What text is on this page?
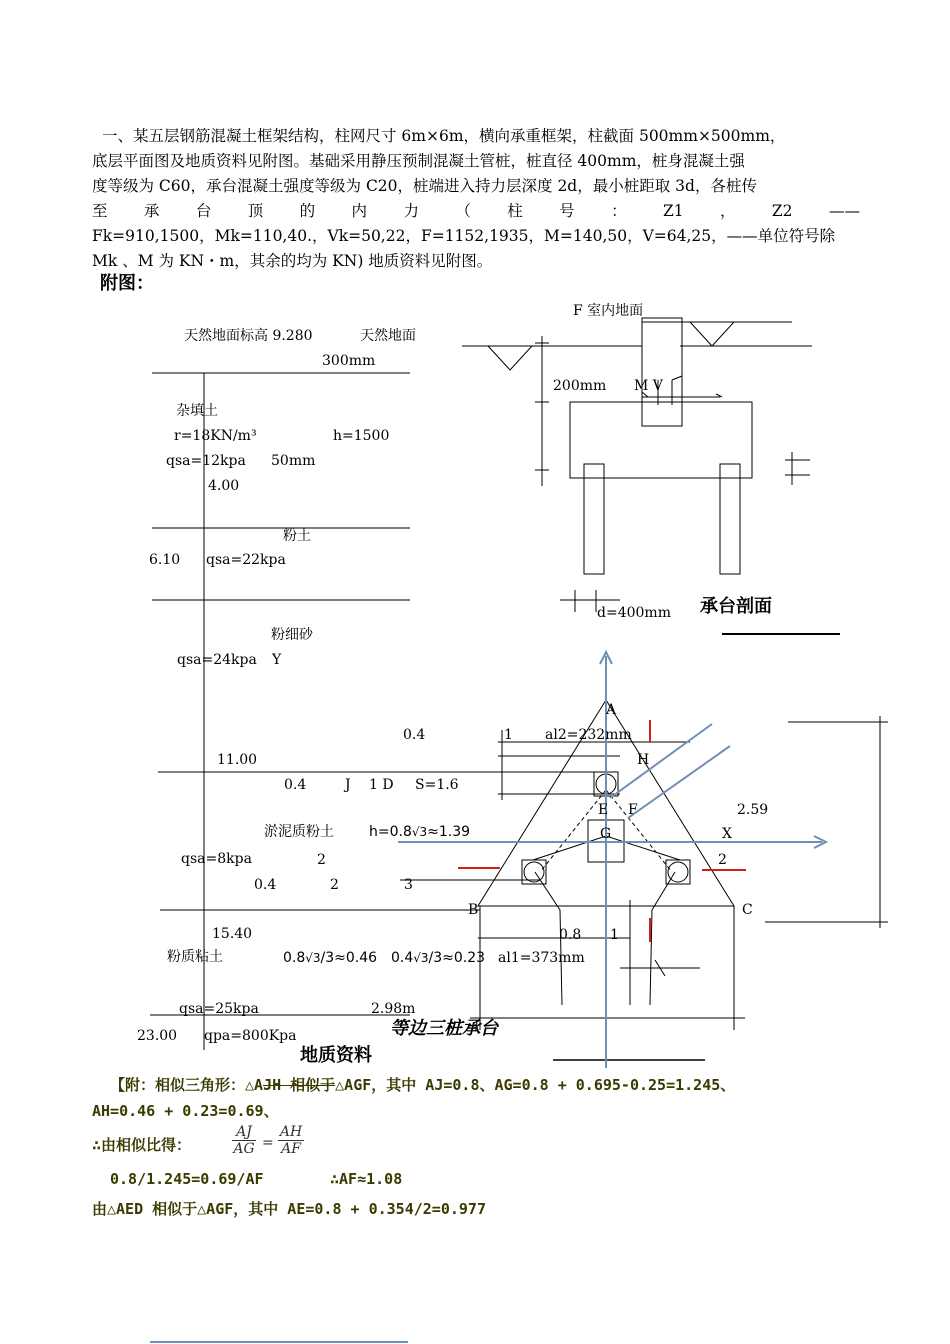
一、某五层钢筋混凝土框架结构，柱网尺寸 6m×6m，横向承重框架，柱截面 500mm×500mm，

底层平面图及地质资料见附图。基础采用静压预制混凝土管桩，桩直径 400mm，桩身混凝土强

度等级为 C60，承台混凝土强度等级为 C20，桩端进入持力层深度 2d，最小桩距取 3d，各桩传

至 承 台 顶 的 内 力 （ 柱 号 ： Z1 ， Z2 ——

Fk=910,1500，Mk=110,40.，Vk=50,22，F=1152,1935，M=140,50，V=64,25，——单位符号除

Mk 、M 为 KN・m，其余的均为 KN) 地质资料见附图。

附图：
天然地面标高 9.280	天然地面
300mm
杂填土
r=18KN/m³	h=1500
qsa=12kpa 50mm
4.00
粉土
6.10 qsa=22kpa
粉细砂
qsa=24kpa Y
11.00
淤泥质粉土
qsa=8kpa
15.40
粉质粘土
qsa=25kpa
23.00 qpa=800Kpa
地质资料
F 室内地面
200mm M V
d=400mm 承台剖面
A
0.4	1 al2=232mm
H
0.4	J 1 D S=1.6
E F	2.59
h=0.8√3≈1.39	G	X
2	2
0.4	2	3
B	C
0.8 1
0.8√3/3≈0.46 0.4√3/3≈0.23 al1=373mm
2.98m
等边三桩承台
【附：相似三角形：△AJH 相似于△AGF，其中 AJ=0.8、AG=0.8 + 0.695-0.25=1.245、
AH=0.46 + 0.23=0.69、
∴由相似比得：	$\frac{AJ}{AG} = \frac{AH}{AF}$
0.8/1.245=0.69/AF	∴AF≈1.08
由△AED 相似于△AGF，其中 AE=0.8 + 0.354/2=0.977
